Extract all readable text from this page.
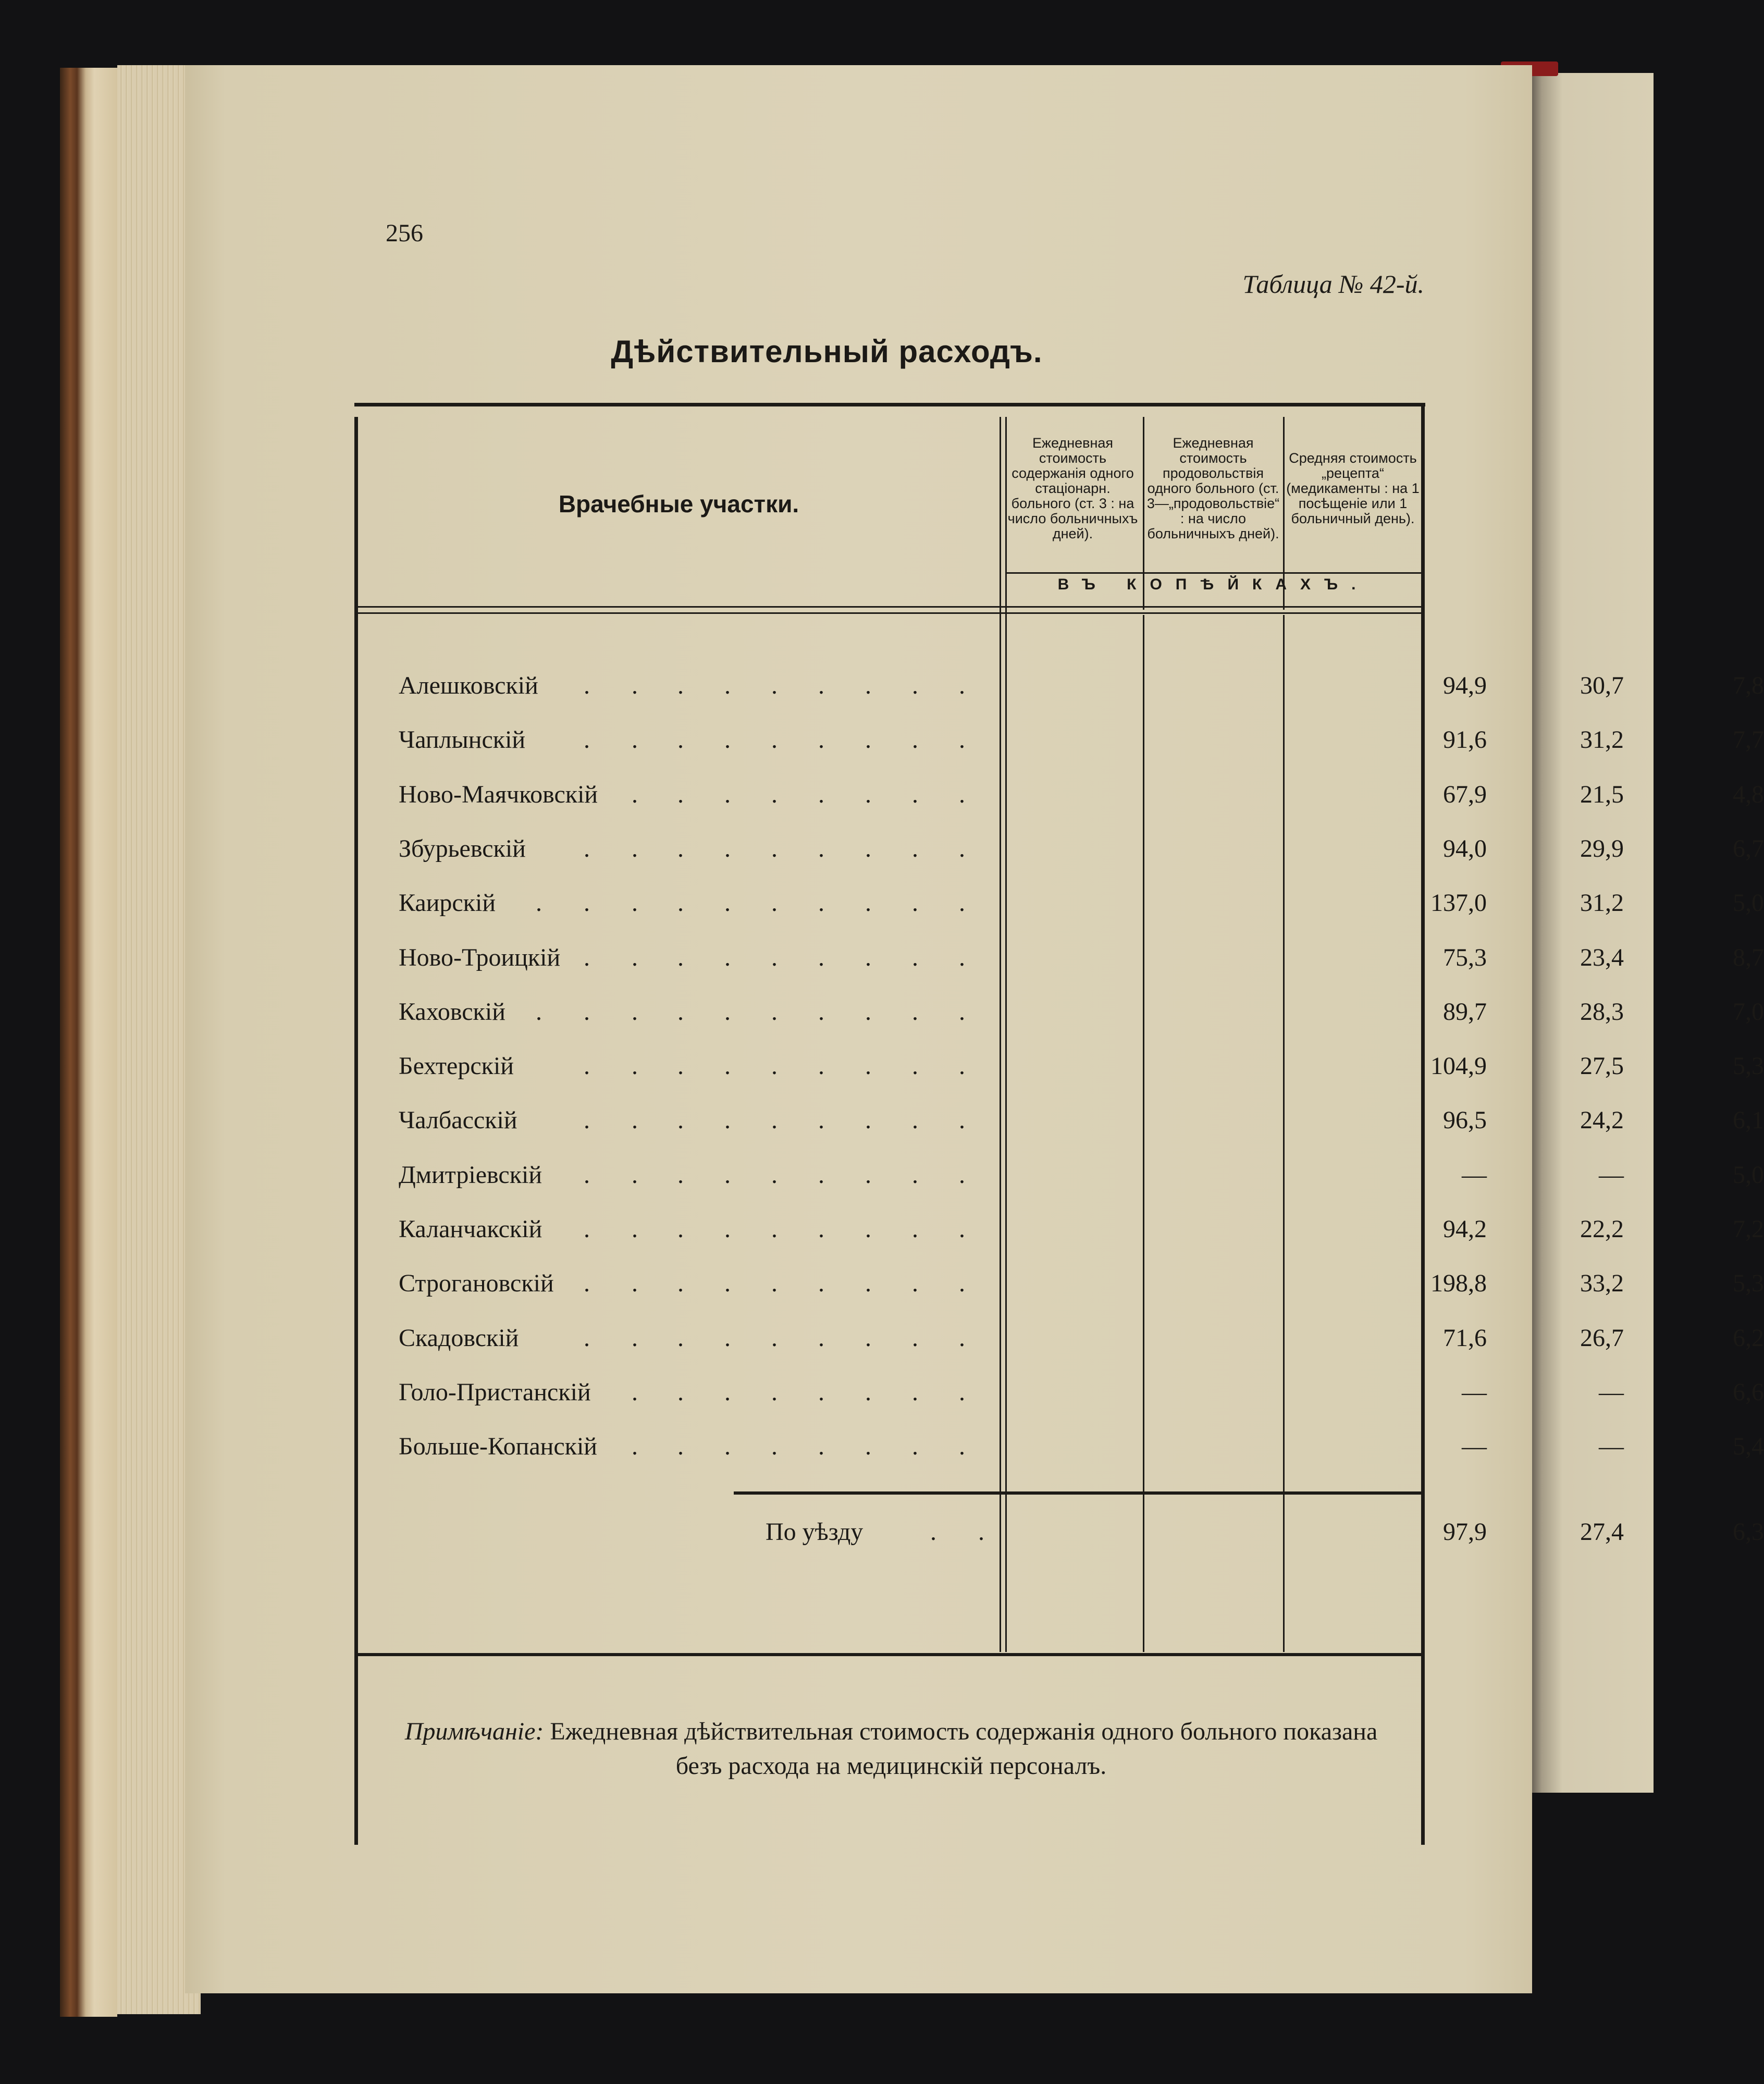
256
Таблица № 42-й.
Дѣйствительный расходъ.
Врачебные участки.
Ежедневная стоимость содержанія одного стаціонарн. больного (ст. 3 : на число больничныхъ дней).
Ежедневная стоимость продовольствія одного больного (ст. 3—„продовольствіе“ : на число больничныхъ дней).
Средняя стоимость „рецепта“ (медикаменты : на 1 посѣщеніе или 1 больничный день).
ВЪ КОПѢЙКАХЪ.
Алешковскій . . . . . . . . .	94,9	30,7	7,8
Чаплынскій . . . . . . . . .	91,6	31,2	7,7
Ново-Маячковскій . . . . . . . .	67,9	21,5	4,8
Збурьевскій . . . . . . . . .	94,0	29,9	6,7
Каирскій . . . . . . . . . .	137,0	31,2	5,0
Ново-Троицкій . . . . . . . . .	75,3	23,4	8,7
Каховскій . . . . . . . . . .	89,7	28,3	7,0
Бехтерскій	. . . . . . . . .	104,9	27,5	5,3
Чалбасскій	. . . . . . . . .	96,5	24,2	6,1
Дмитріевскій . . . . . . . . .	—	—	5,0
Каланчакскій . . . . . . . . .	94,2	22,2	7,2
Строгановскій . . . . . . . . .	198,8	33,2	5,3
Скадовскій	. . . . . . . . .	71,6	26,7	6,2
Голо-Пристанскій . . . . . . . .	—	—	6,6
Больше-Копанскій . . . . . . . .	—	—	5,4
По уѣзду	. .	97,9	27,4	6,3
Примѣчаніе: Ежедневная дѣйствительная стоимость содержанія одного больного показана безъ расхода на медицинскій персоналъ.
